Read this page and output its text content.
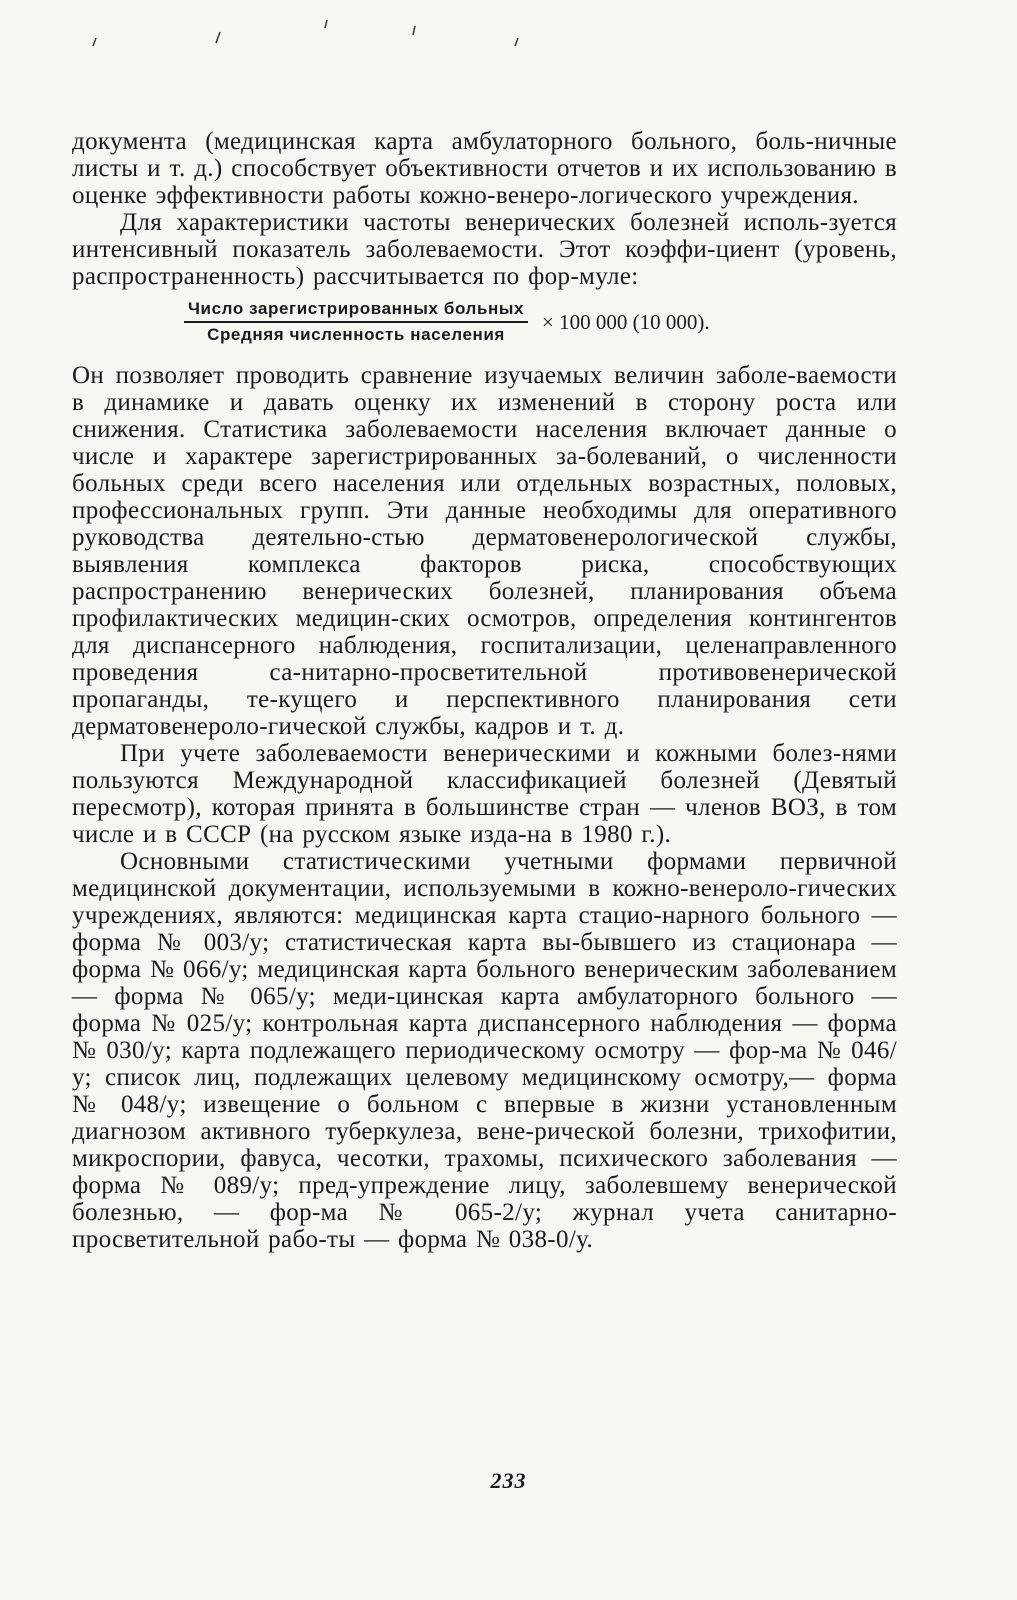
документа (медицинская карта амбулаторного больного, боль-ничные листы и т. д.) способствует объективности отчетов и их использованию в оценке эффективности работы кожно-венеро-логического учреждения.

Для характеристики частоты венерических болезней исполь-зуется интенсивный показатель заболеваемости. Этот коэффи-циент (уровень, распространенность) рассчитывается по фор-муле:

$\frac{\text{Число зарегистрированных больных}}{\text{Средняя численность населения}} \times 100$ 000 (10 000).

Он позволяет проводить сравнение изучаемых величин заболе-ваемости в динамике и давать оценку их изменений в сторону роста или снижения. Статистика заболеваемости населения включает данные о числе и характере зарегистрированных за-болеваний, о численности больных среди всего населения или отдельных возрастных, половых, профессиональных групп. Эти данные необходимы для оперативного руководства деятельно-стью дерматовенерологической службы, выявления комплекса факторов риска, способствующих распространению венерических болезней, планирования объема профилактических медицин-ских осмотров, определения контингентов для диспансерного наблюдения, госпитализации, целенаправленного проведения са-нитарно-просветительной противовенерической пропаганды, те-кущего и перспективного планирования сети дерматовенероло-гической службы, кадров и т. д.

При учете заболеваемости венерическими и кожными болез-нями пользуются Международной классификацией болезней (Девятый пересмотр), которая принята в большинстве стран — членов ВОЗ, в том числе и в СССР (на русском языке изда-на в 1980 г.).

Основными статистическими учетными формами первичной медицинской документации, используемыми в кожно-венероло-гических учреждениях, являются: медицинская карта стацио-нарного больного — форма № 003/у; статистическая карта вы-бывшего из стационара — форма № 066/у; медицинская карта больного венерическим заболеванием — форма № 065/у; меди-цинская карта амбулаторного больного — форма № 025/у; контрольная карта диспансерного наблюдения — форма № 030/у; карта подлежащего периодическому осмотру — фор-ма № 046/у; список лиц, подлежащих целевому медицинскому осмотру,— форма № 048/у; извещение о больном с впервые в жизни установленным диагнозом активного туберкулеза, вене-рической болезни, трихофитии, микроспории, фавуса, чесотки, трахомы, психического заболевания — форма № 089/у; пред-упреждение лицу, заболевшему венерической болезнью, — фор-ма № 065-2/у; журнал учета санитарно-просветительной рабо-ты — форма № 038-0/у.

233
